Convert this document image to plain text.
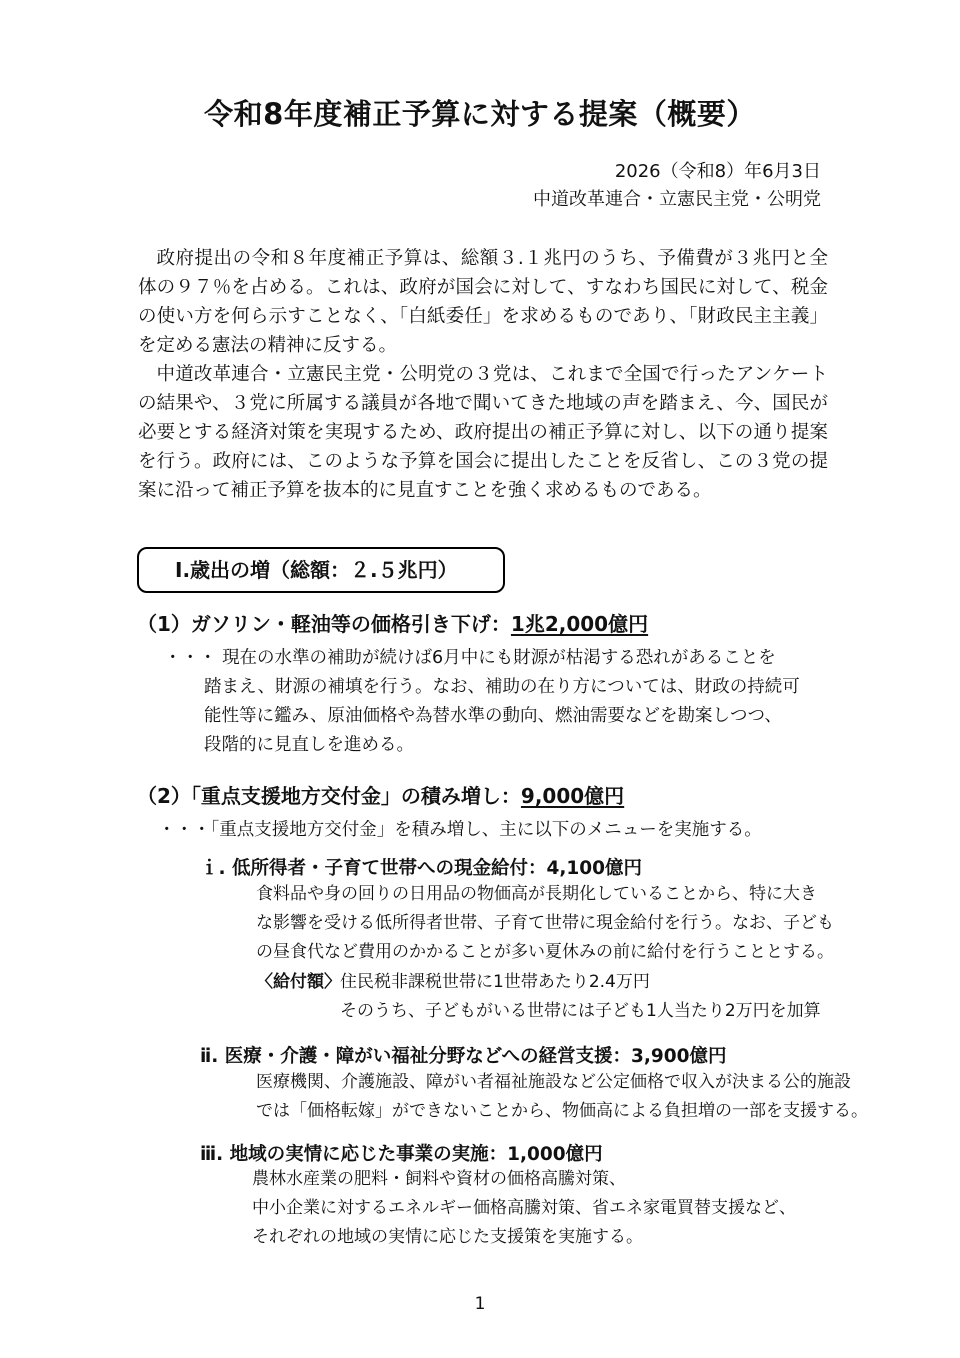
令和8年度補正予算に対する提案（概要）
2026（令和8）年6月3日
中道改革連合・立憲民主党・公明党

政府提出の令和８年度補正予算は、総額３.１兆円のうち、予備費が３兆円と全体の９７％を占める。これは、政府が国会に対して、すなわち国民に対して、税金の使い方を何ら示すことなく、「白紙委任」を求めるものであり、「財政民主主義」を定める憲法の精神に反する。

中道改革連合・立憲民主党・公明党の３党は、これまで全国で行ったアンケートの結果や、３党に所属する議員が各地で聞いてきた地域の声を踏まえ、今、国民が必要とする経済対策を実現するため、政府提出の補正予算に対し、以下の通り提案を行う。政府には、このような予算を国会に提出したことを反省し、この３党の提案に沿って補正予算を抜本的に見直すことを強く求めるものである。

Ⅰ.歳出の増（総額：２.５兆円）
（1）ガソリン・軽油等の価格引き下げ：1兆2,000億円
・・・ 現在の水準の補助が続けば6月中にも財源が枯渇する恐れがあることを
踏まえ、財源の補填を行う。なお、補助の在り方については、財政の持続可
能性等に鑑み、原油価格や為替水準の動向、燃油需要などを勘案しつつ、
段階的に見直しを進める。
（2）「重点支援地方交付金」の積み増し：9,000億円
・・・「重点支援地方交付金」を積み増し、主に以下のメニューを実施する。
ｉ. 低所得者・子育て世帯への現金給付：4,100億円
食料品や身の回りの日用品の物価高が長期化していることから、特に大き
な影響を受ける低所得者世帯、子育て世帯に現金給付を行う。なお、子ども
の昼食代など費用のかかることが多い夏休みの前に給付を行うこととする。
〈給付額〉住民税非課税世帯に1世帯あたり2.4万円
そのうち、子どもがいる世帯には子ども1人当たり2万円を加算
ⅱ. 医療・介護・障がい福祉分野などへの経営支援：3,900億円
医療機関、介護施設、障がい者福祉施設など公定価格で収入が決まる公的施設
では「価格転嫁」ができないことから、物価高による負担増の一部を支援する。
ⅲ. 地域の実情に応じた事業の実施：1,000億円
農林水産業の肥料・飼料や資材の価格高騰対策、
中小企業に対するエネルギー価格高騰対策、省エネ家電買替支援など、
それぞれの地域の実情に応じた支援策を実施する。
1
